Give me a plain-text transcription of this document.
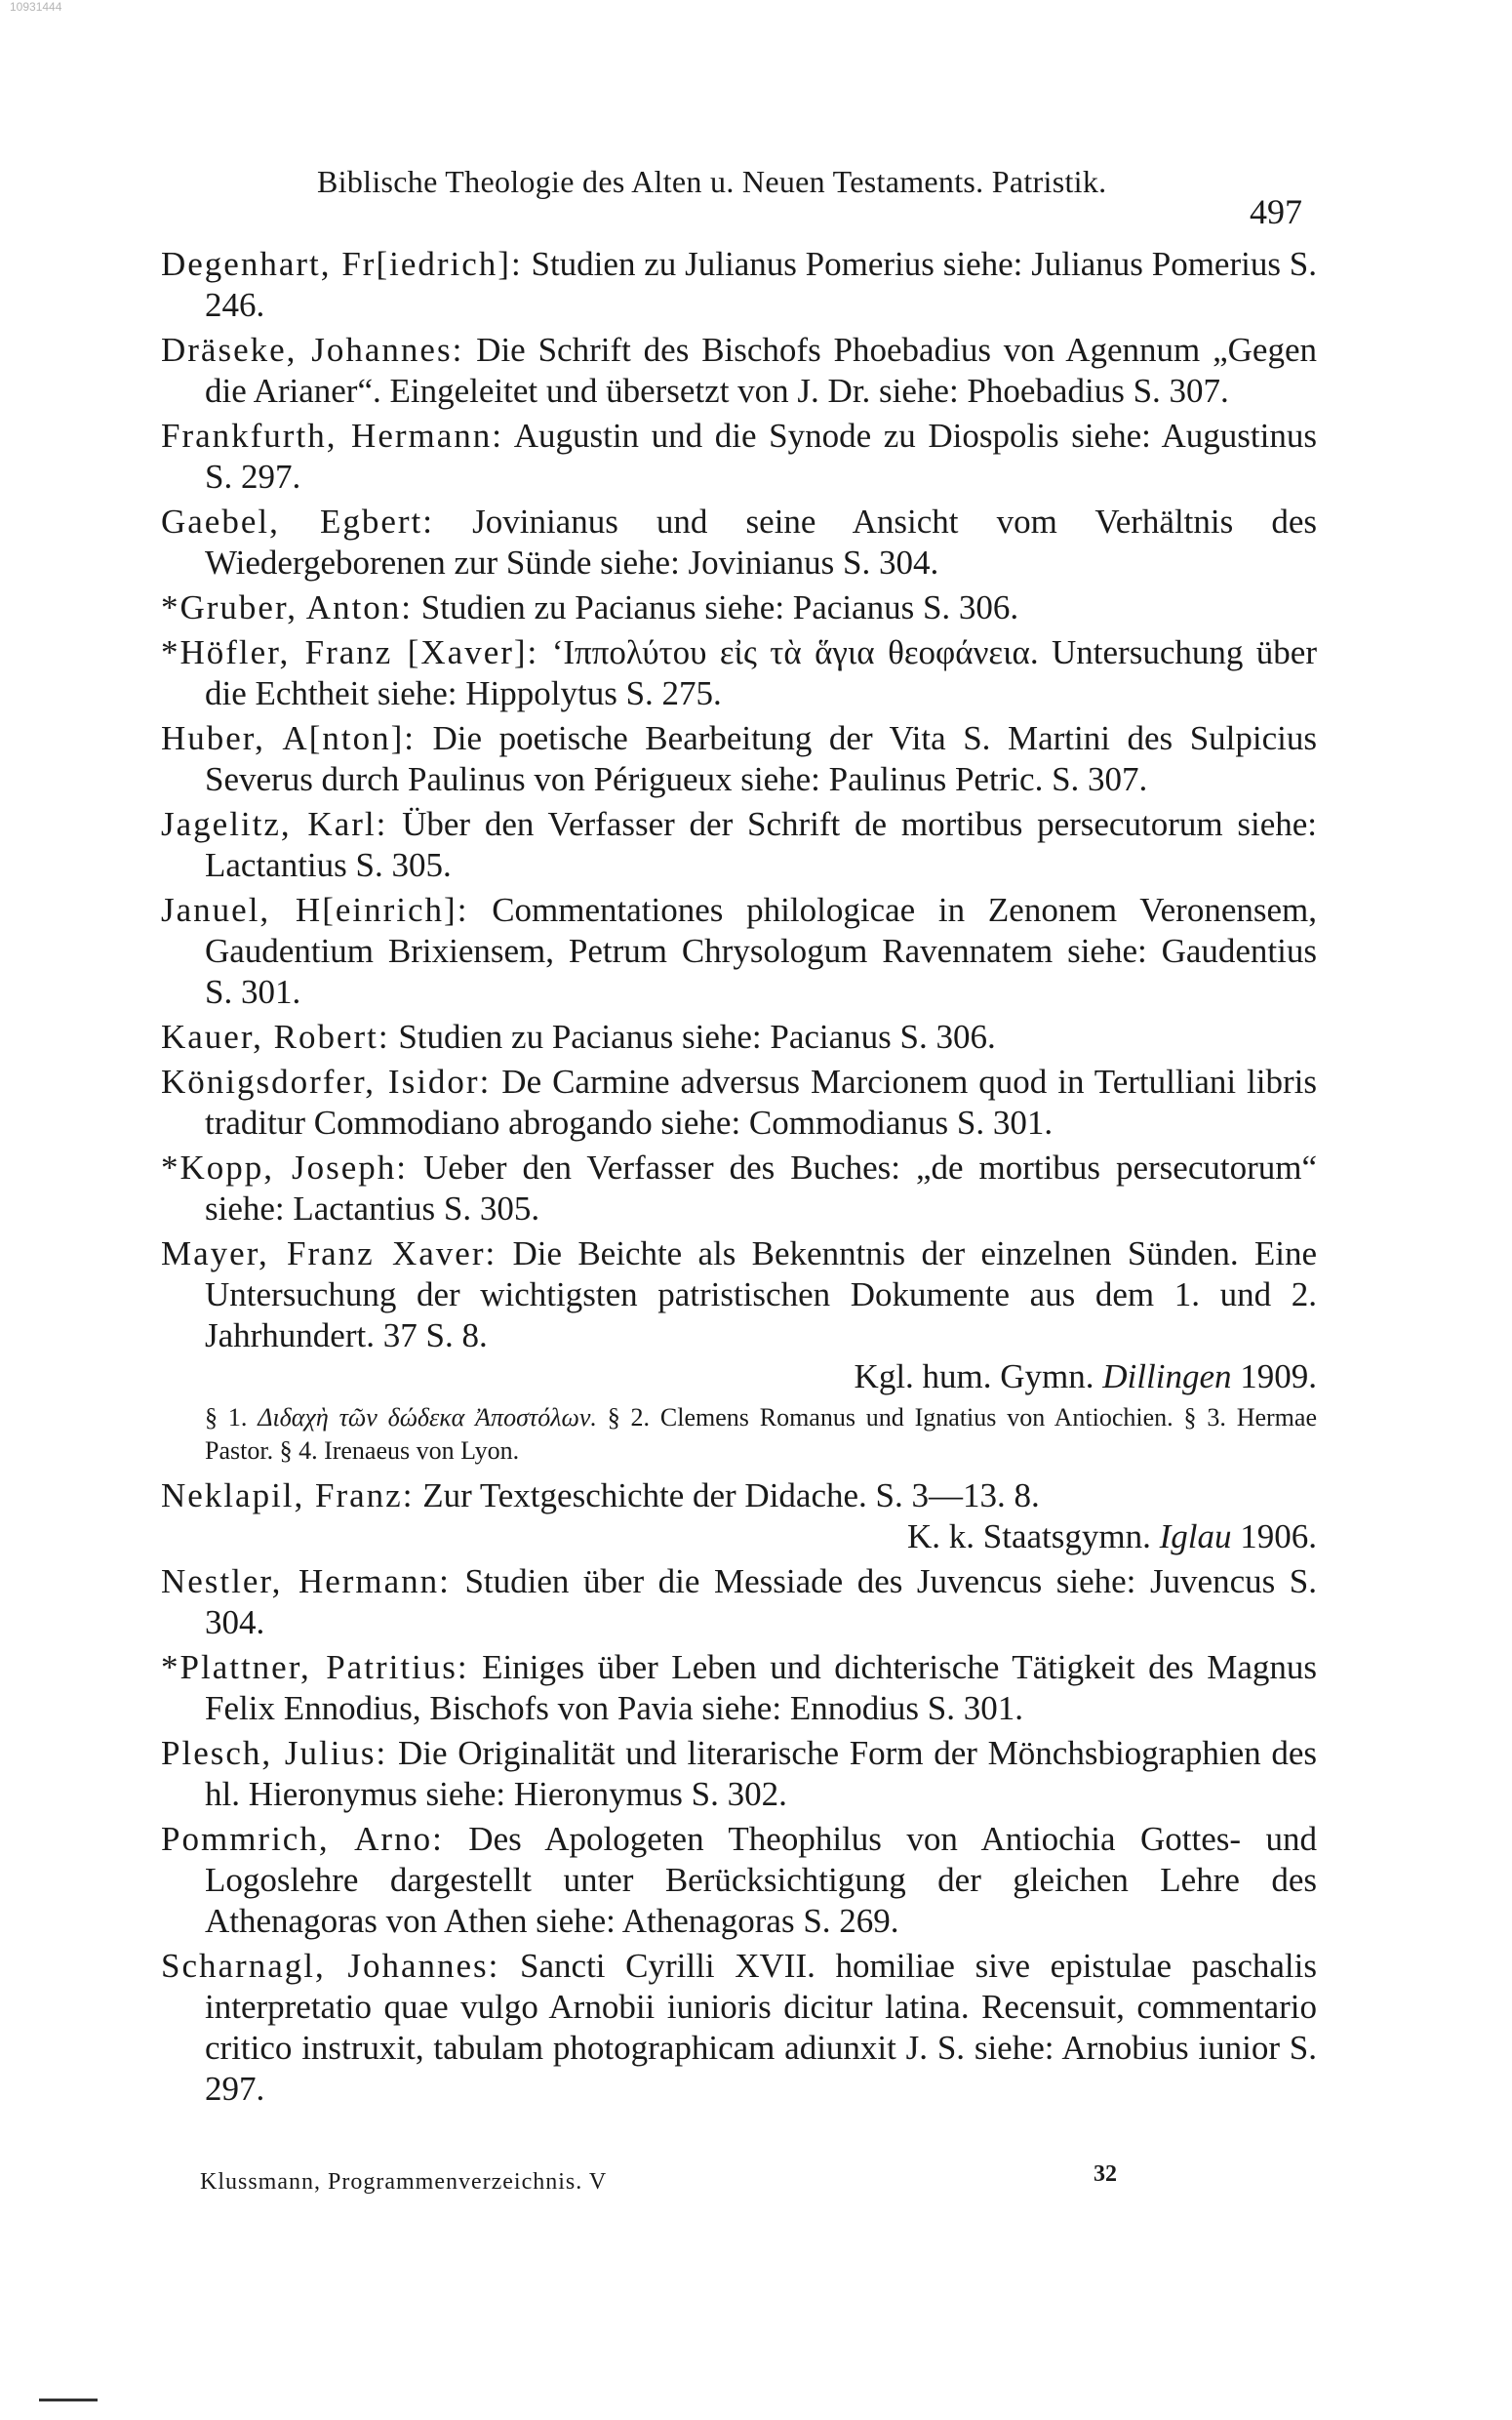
10931444
Biblische Theologie des Alten u. Neuen Testaments. Patristik.
497
Degenhart, Fr[iedrich]: Studien zu Julianus Pomerius siehe: Julianus Pomerius S. 246.
Dräseke, Johannes: Die Schrift des Bischofs Phoebadius von Agennum „Gegen die Arianer“. Eingeleitet und übersetzt von J. Dr. siehe: Phoebadius S. 307.
Frankfurth, Hermann: Augustin und die Synode zu Diospolis siehe: Augustinus S. 297.
Gaebel, Egbert: Jovinianus und seine Ansicht vom Verhältnis des Wiedergeborenen zur Sünde siehe: Jovinianus S. 304.
*Gruber, Anton: Studien zu Pacianus siehe: Pacianus S. 306.
*Höfler, Franz [Xaver]: ‘Ιππολύτου εἰς τὰ ἅγια θεοφάνεια. Untersuchung über die Echtheit siehe: Hippolytus S. 275.
Huber, A[nton]: Die poetische Bearbeitung der Vita S. Martini des Sulpicius Severus durch Paulinus von Périgueux siehe: Paulinus Petric. S. 307.
Jagelitz, Karl: Über den Verfasser der Schrift de mortibus persecutorum siehe: Lactantius S. 305.
Januel, H[einrich]: Commentationes philologicae in Zenonem Veronensem, Gaudentium Brixiensem, Petrum Chrysologum Ravennatem siehe: Gaudentius S. 301.
Kauer, Robert: Studien zu Pacianus siehe: Pacianus S. 306.
Königsdorfer, Isidor: De Carmine adversus Marcionem quod in Tertulliani libris traditur Commodiano abrogando siehe: Commodianus S. 301.
*Kopp, Joseph: Ueber den Verfasser des Buches: „de mortibus persecutorum“ siehe: Lactantius S. 305.
Mayer, Franz Xaver: Die Beichte als Bekenntnis der einzelnen Sünden. Eine Untersuchung der wichtigsten patristischen Dokumente aus dem 1. und 2. Jahrhundert. 37 S. 8.
Kgl. hum. Gymn. Dillingen 1909.
§ 1. Διδαχὴ τῶν δώδεκα Ἀποστόλων. § 2. Clemens Romanus und Ignatius von Antiochien. § 3. Hermae Pastor. § 4. Irenaeus von Lyon.
Neklapil, Franz: Zur Textgeschichte der Didache. S. 3—13. 8.
K. k. Staatsgymn. Iglau 1906.
Nestler, Hermann: Studien über die Messiade des Juvencus siehe: Juvencus S. 304.
*Plattner, Patritius: Einiges über Leben und dichterische Tätigkeit des Magnus Felix Ennodius, Bischofs von Pavia siehe: Ennodius S. 301.
Plesch, Julius: Die Originalität und literarische Form der Mönchsbiographien des hl. Hieronymus siehe: Hieronymus S. 302.
Pommrich, Arno: Des Apologeten Theophilus von Antiochia Gottes- und Logoslehre dargestellt unter Berücksichtigung der gleichen Lehre des Athenagoras von Athen siehe: Athenagoras S. 269.
Scharnagl, Johannes: Sancti Cyrilli XVII. homiliae sive epistulae paschalis interpretatio quae vulgo Arnobii iunioris dicitur latina. Recensuit, commentario critico instruxit, tabulam photographicam adiunxit J. S. siehe: Arnobius iunior S. 297.
Klussmann, Programmenverzeichnis. V	32
